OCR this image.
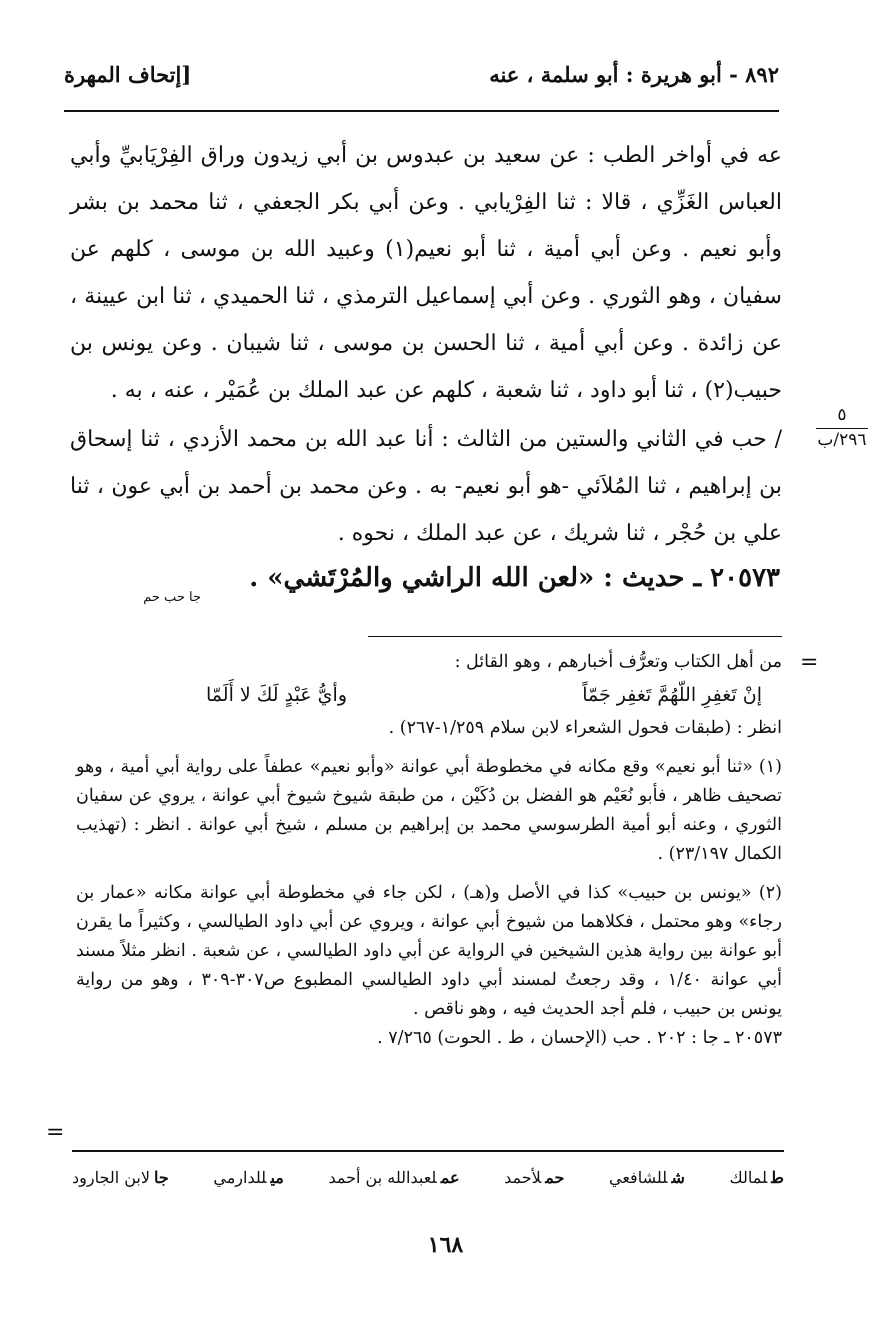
٨٩٢ - أبو هريرة : أبو سلمة ، عنه
[إتحاف المهرة

عه في أواخر الطب : عن سعيد بن عبدوس بن أبي زيدون وراق الفِرْيَابيِّ وأبي العباس الغَزِّي ، قالا : ثنا الفِرْيابي . وعن أبي بكر الجعفي ، ثنا محمد بن بشر وأبو نعيم . وعن أبي أمية ، ثنا أبو نعيم(١) وعبيد الله بن موسى ، كلهم عن سفيان ، وهو الثوري . وعن أبي إسماعيل الترمذي ، ثنا الحميدي ، ثنا ابن عيينة ، عن زائدة . وعن أبي أمية ، ثنا الحسن بن موسى ، ثنا شيبان . وعن يونس بن حبيب(٢) ، ثنا أبو داود ، ثنا شعبة ، كلهم عن عبد الملك بن عُمَيْر ، عنه ، به .

/ حب في الثاني والستين من الثالث : أنا عبد الله بن محمد الأزدي ، ثنا إسحاق بن إبراهيم ، ثنا المُلاَئي -هو أبو نعيم- به . وعن محمد بن أحمد بن أبي عون ، ثنا علي بن حُجْر ، ثنا شريك ، عن عبد الملك ، نحوه .

٥
٢٩٦/ب
٢٠٥٧٣ ـ حديث : «لعن الله الراشي والمُرْتَشي» .
جا حب حم
=

من أهل الكتاب وتعرُّف أخبارهم ، وهو القائل :

إنْ تَغفِرِ اللّهُمَّ تَغفِر جَمّاً
وأيُّ عَبْدٍ لَكَ لا أَلَمّا

انظر : (طبقات فحول الشعراء لابن سلام ١/٢٥٩-٢٦٧) .

(١) «ثنا أبو نعيم» وقع مكانه في مخطوطة أبي عوانة «وأبو نعيم» عطفاً على رواية أبي أمية ، وهو تصحيف ظاهر ، فأبو نُعَيْم هو الفضل بن دُكَيْن ، من طبقة شيوخ شيوخ أبي عوانة ، يروي عن سفيان الثوري ، وعنه أبو أمية الطرسوسي محمد بن إبراهيم بن مسلم ، شيخ أبي عوانة . انظر : (تهذيب الكمال ٢٣/١٩٧) .

(٢) «يونس بن حبيب» كذا في الأصل و(هـ) ، لكن جاء في مخطوطة أبي عوانة مكانه «عمار بن رجاء» وهو محتمل ، فكلاهما من شيوخ أبي عوانة ، ويروي عن أبي داود الطيالسي ، وكثيراً ما يقرن أبو عوانة بين رواية هذين الشيخين في الرواية عن أبي داود الطيالسي ، عن شعبة . انظر مثلاً مسند أبي عوانة ١/٤٠ ، وقد رجعتُ لمسند أبي داود الطيالسي المطبوع ص٣٠٧-٣٠٩ ، وهو من رواية يونس بن حبيب ، فلم أجد الحديث فيه ، وهو ناقص .

٢٠٥٧٣ ـ جا : ٢٠٢ . حب (الإحسان ، ط . الحوت) ٧/٢٦٥ .

=
طلمالك
شللشافعي
حملأحمد
عملعبدالله بن أحمد
ميللدارمي
جالابن الجارود
١٦٨
